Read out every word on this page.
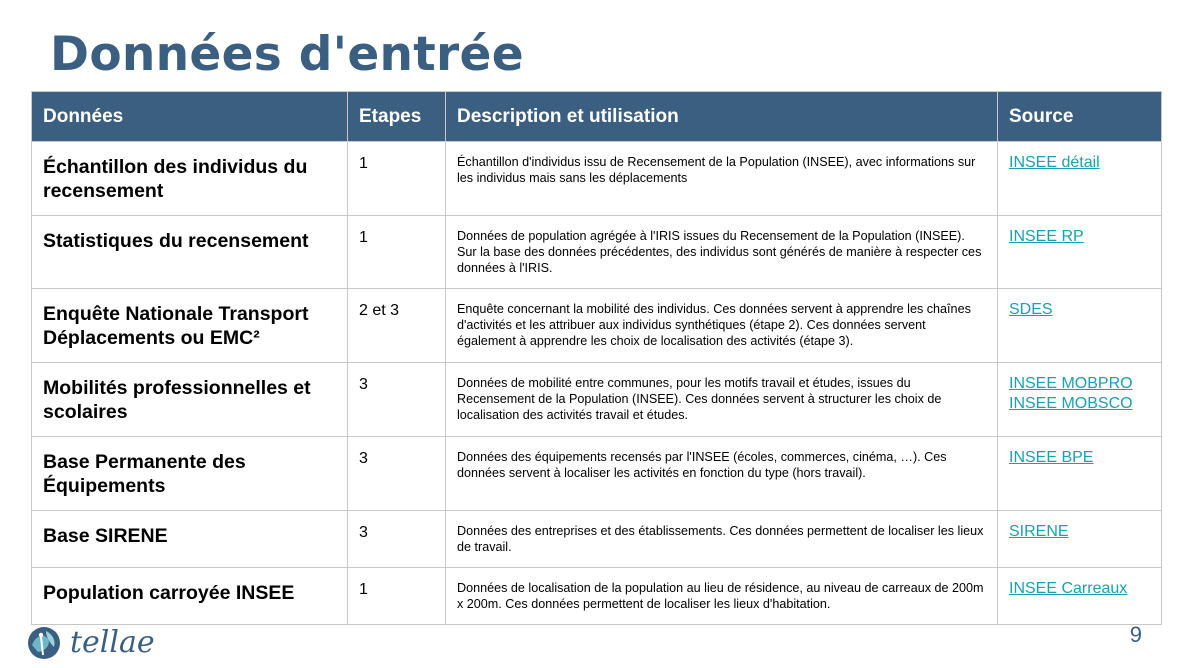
Données d'entrée
Données	Etapes	Description et utilisation	Source
Échantillon des individus du recensement	1	Échantillon d'individus issu de Recensement de la Population (INSEE), avec informations sur les individus mais sans les déplacements	INSEE détail

Statistiques du recensement	1	Données de population agrégée à l'IRIS issues du Recensement de la Population (INSEE). Sur la base des données précédentes, des individus sont générés de manière à respecter ces données à l'IRIS.	INSEE RP

Enquête Nationale Transport Déplacements ou EMC²	2 et 3	Enquête concernant la mobilité des individus. Ces données servent à apprendre les chaînes d'activités et les attribuer aux individus synthétiques (étape 2). Ces données servent également à apprendre les choix de localisation des activités (étape 3).	SDES

Mobilités professionnelles et scolaires	3	Données de mobilité entre communes, pour les motifs travail et études, issues du Recensement de la Population (INSEE). Ces données servent à structurer les choix de localisation des activités travail et études.	INSEE MOBPRO
INSEE MOBSCO

Base Permanente des Équipements	3	Données des équipements recensés par l'INSEE (écoles, commerces, cinéma, …). Ces données servent à localiser les activités en fonction du type (hors travail).	INSEE BPE

Base SIRENE	3	Données des entreprises et des établissements. Ces données permettent de localiser les lieux de travail.	SIRENE

Population carroyée INSEE	1	Données de localisation de la population au lieu de résidence, au niveau de carreaux de 200m x 200m. Ces données permettent de localiser les lieux d'habitation.	INSEE Carreaux
tellae	9
